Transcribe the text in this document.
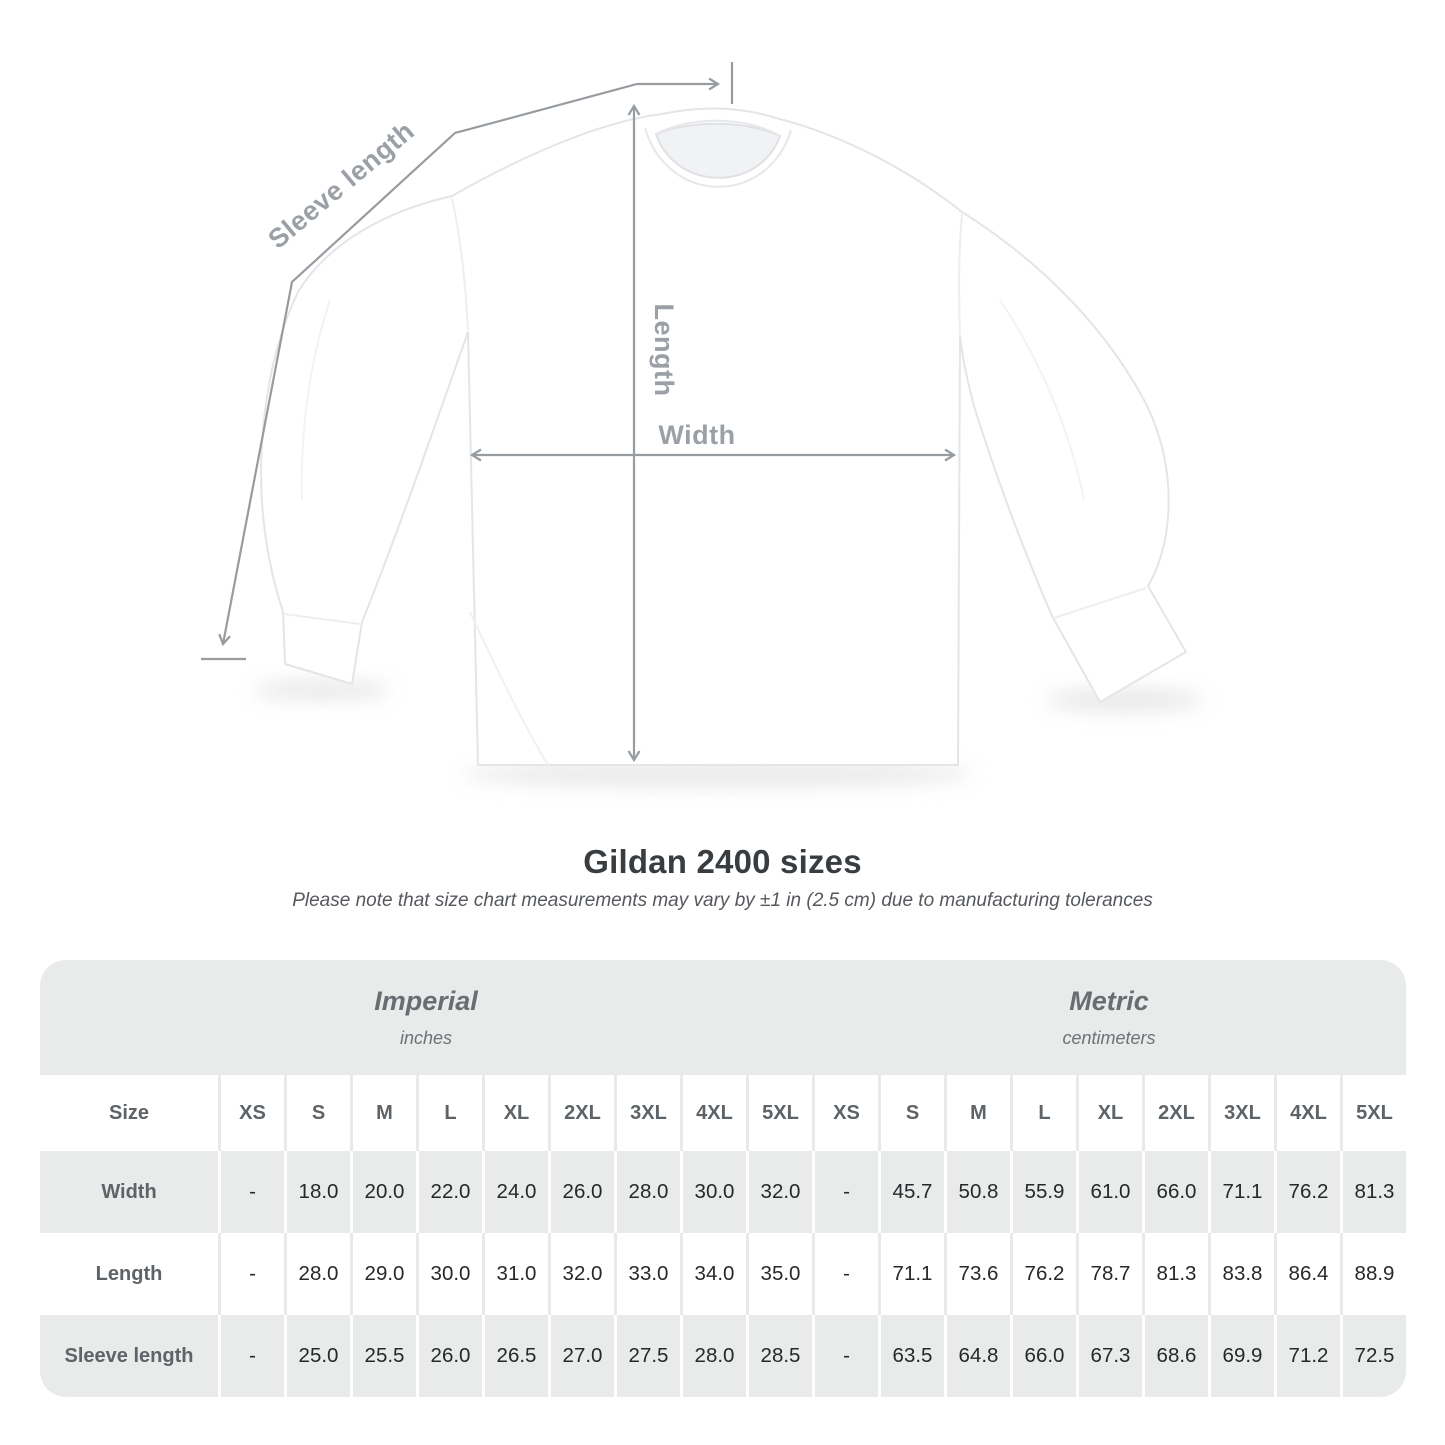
Sleeve length
Length
Width
Gildan 2400 sizes

Please note that size chart measurements may vary by ±1 in (2.5 cm) due to manufacturing tolerances

Imperial
inches

Metric
centimeters

Size	XS	S	M	L	XL	2XL	3XL	4XL	5XL	XS	S	M	L	XL	2XL	3XL	4XL	5XL
Width	-	18.0	20.0	22.0	24.0	26.0	28.0	30.0	32.0	-	45.7	50.8	55.9	61.0	66.0	71.1	76.2	81.3
Length	-	28.0	29.0	30.0	31.0	32.0	33.0	34.0	35.0	-	71.1	73.6	76.2	78.7	81.3	83.8	86.4	88.9
Sleeve length	-	25.0	25.5	26.0	26.5	27.0	27.5	28.0	28.5	-	63.5	64.8	66.0	67.3	68.6	69.9	71.2	72.5
